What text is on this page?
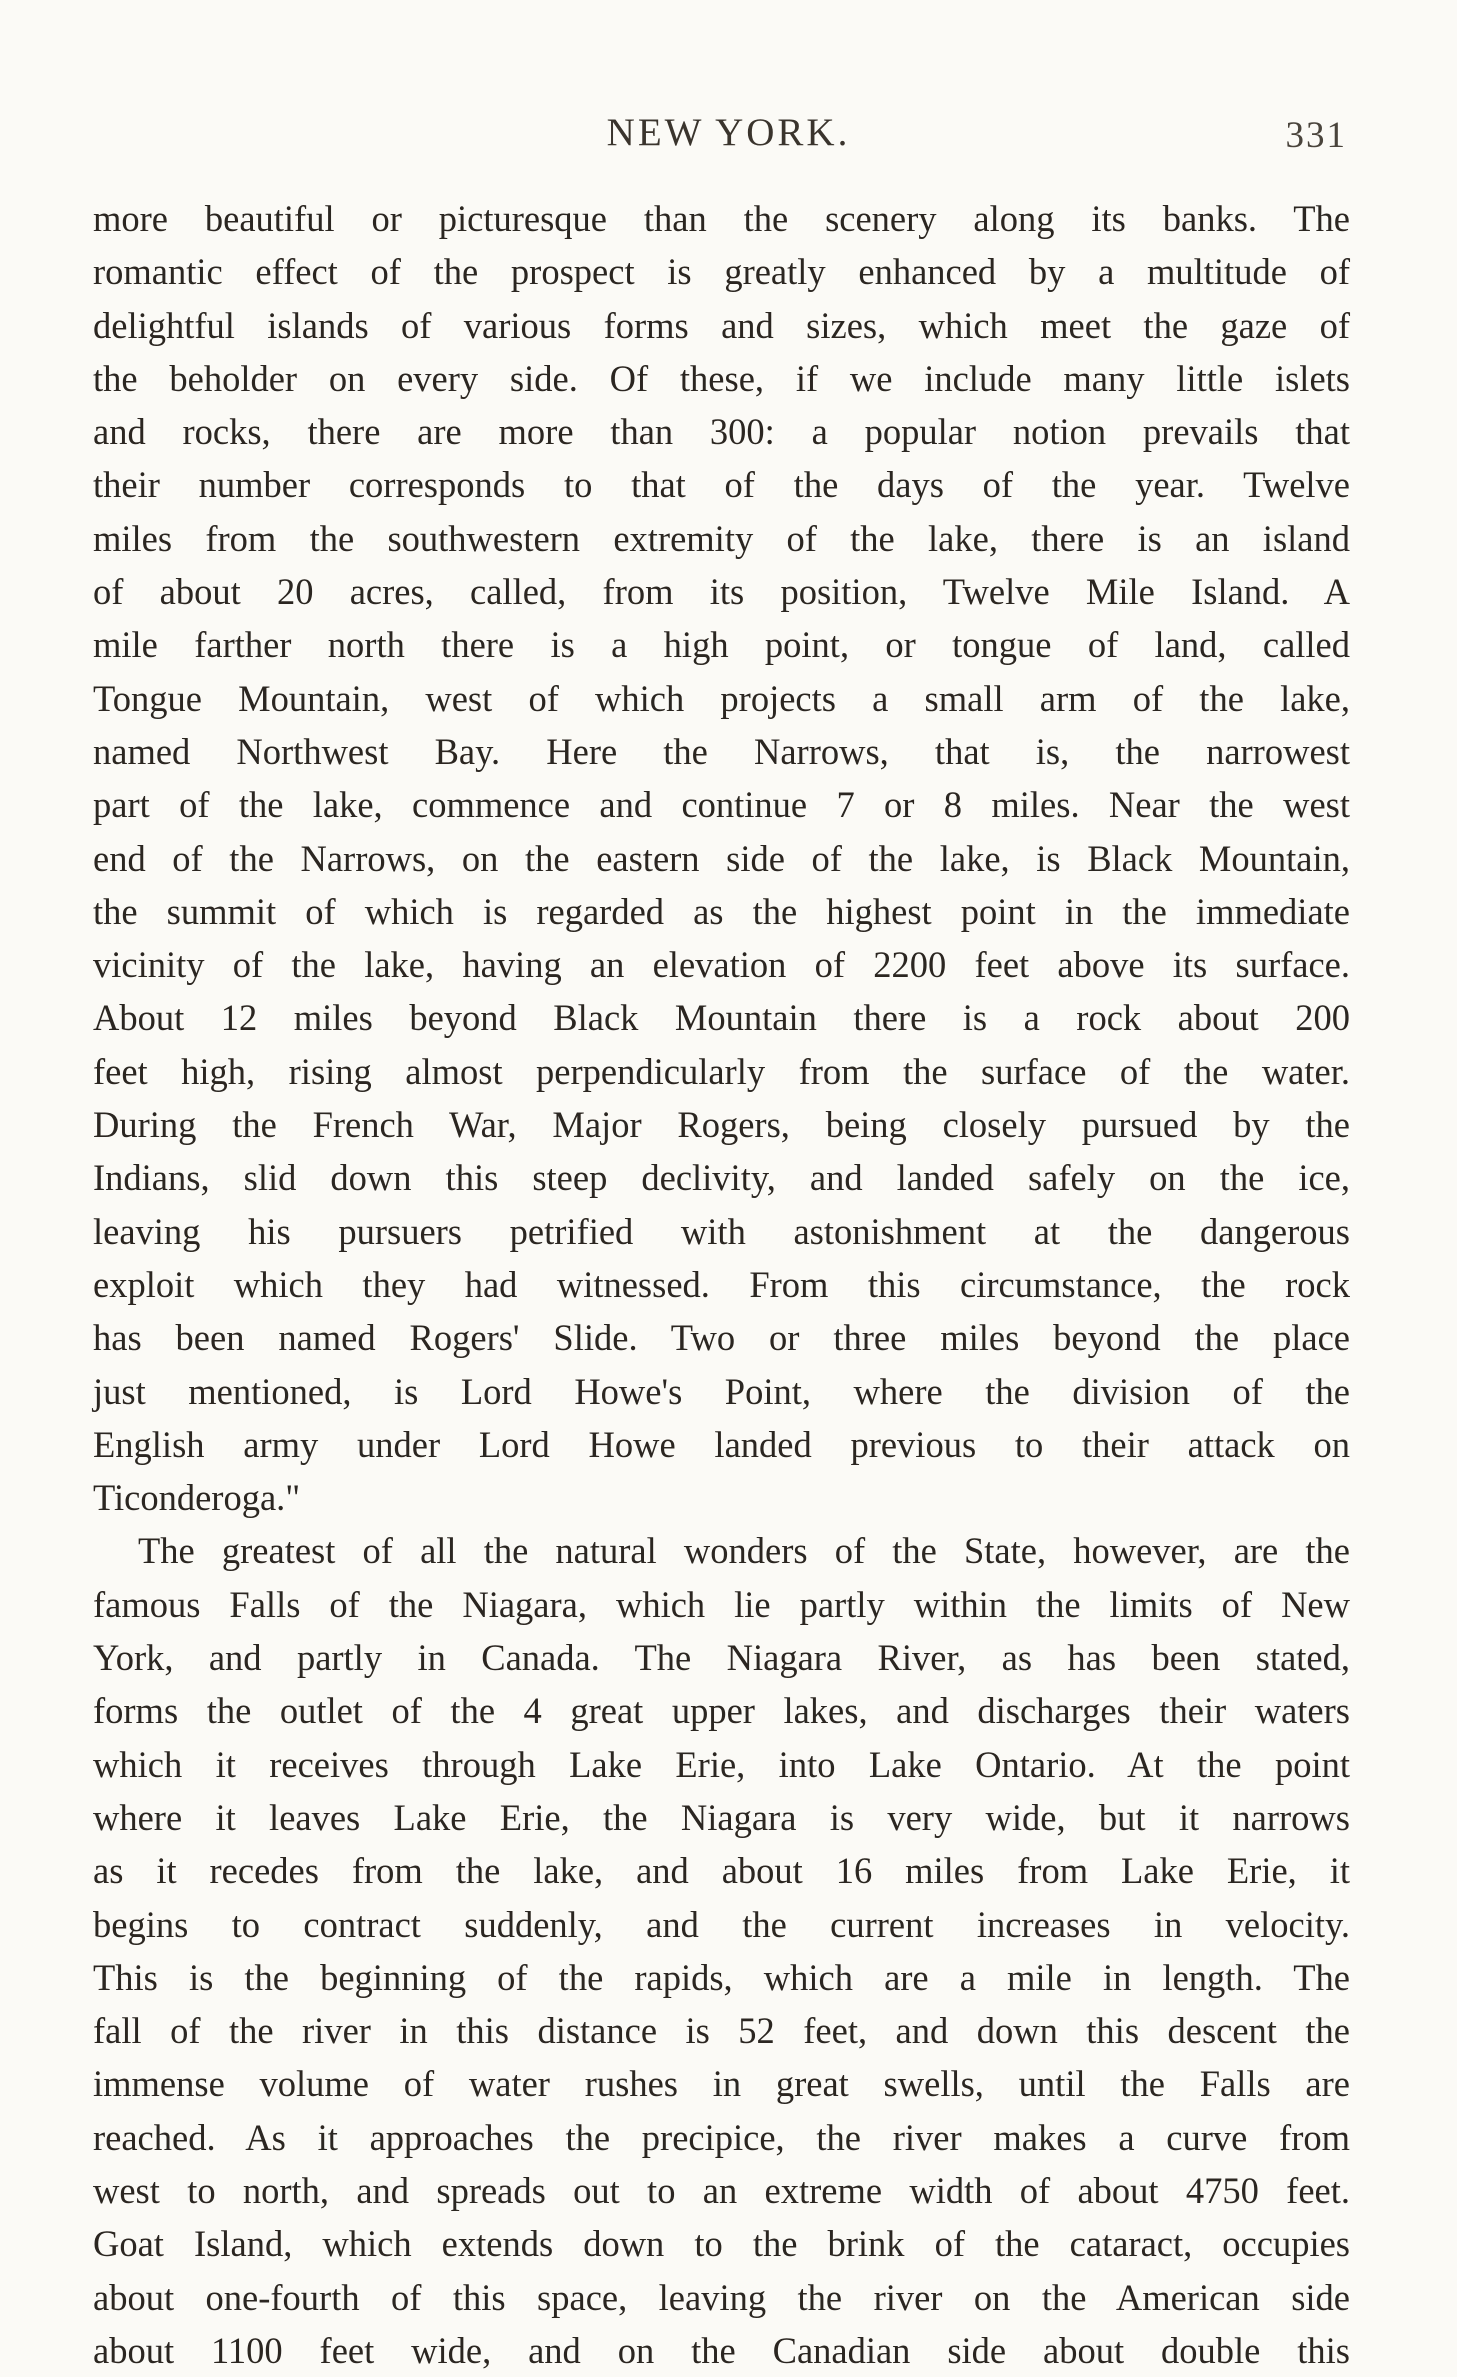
NEW YORK.	331
more beautiful or picturesque than the scenery along its banks. The
romantic effect of the prospect is greatly enhanced by a multitude of
delightful islands of various forms and sizes, which meet the gaze of
the beholder on every side. Of these, if we include many little islets
and rocks, there are more than 300: a popular notion prevails that
their number corresponds to that of the days of the year. Twelve
miles from the southwestern extremity of the lake, there is an island
of about 20 acres, called, from its position, Twelve Mile Island. A
mile farther north there is a high point, or tongue of land, called
Tongue Mountain, west of which projects a small arm of the lake,
named Northwest Bay. Here the Narrows, that is, the narrowest
part of the lake, commence and continue 7 or 8 miles. Near the west
end of the Narrows, on the eastern side of the lake, is Black Mountain,
the summit of which is regarded as the highest point in the immediate
vicinity of the lake, having an elevation of 2200 feet above its surface.
About 12 miles beyond Black Mountain there is a rock about 200
feet high, rising almost perpendicularly from the surface of the water.
During the French War, Major Rogers, being closely pursued by the
Indians, slid down this steep declivity, and landed safely on the ice,
leaving his pursuers petrified with astonishment at the dangerous
exploit which they had witnessed. From this circumstance, the rock
has been named Rogers' Slide. Two or three miles beyond the place
just mentioned, is Lord Howe's Point, where the division of the
English army under Lord Howe landed previous to their attack on
Ticonderoga."
The greatest of all the natural wonders of the State, however, are the
famous Falls of the Niagara, which lie partly within the limits of New
York, and partly in Canada. The Niagara River, as has been stated,
forms the outlet of the 4 great upper lakes, and discharges their waters
which it receives through Lake Erie, into Lake Ontario. At the point
where it leaves Lake Erie, the Niagara is very wide, but it narrows
as it recedes from the lake, and about 16 miles from Lake Erie, it
begins to contract suddenly, and the current increases in velocity.
This is the beginning of the rapids, which are a mile in length. The
fall of the river in this distance is 52 feet, and down this descent the
immense volume of water rushes in great swells, until the Falls are
reached. As it approaches the precipice, the river makes a curve from
west to north, and spreads out to an extreme width of about 4750 feet.
Goat Island, which extends down to the brink of the cataract, occupies
about one-fourth of this space, leaving the river on the American side
about 1100 feet wide, and on the Canadian side about double this
